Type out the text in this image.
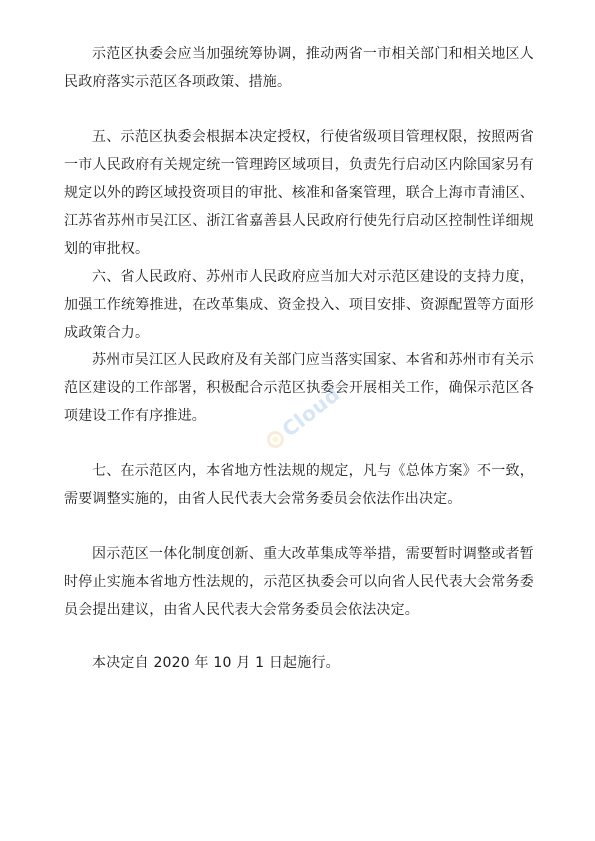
示范区执委会应当加强统筹协调，推动两省一市相关部门和相关地区人民政府落实示范区各项政策、措施。

五、示范区执委会根据本决定授权，行使省级项目管理权限，按照两省一市人民政府有关规定统一管理跨区域项目，负责先行启动区内除国家另有规定以外的跨区域投资项目的审批、核准和备案管理，联合上海市青浦区、江苏省苏州市吴江区、浙江省嘉善县人民政府行使先行启动区控制性详细规划的审批权。

六、省人民政府、苏州市人民政府应当加大对示范区建设的支持力度，加强工作统筹推进，在改革集成、资金投入、项目安排、资源配置等方面形成政策合力。

苏州市吴江区人民政府及有关部门应当落实国家、本省和苏州市有关示范区建设的工作部署，积极配合示范区执委会开展相关工作，确保示范区各项建设工作有序推进。

七、在示范区内，本省地方性法规的规定，凡与《总体方案》不一致，需要调整实施的，由省人民代表大会常务委员会依法作出决定。

因示范区一体化制度创新、重大改革集成等举措，需要暂时调整或者暂时停止实施本省地方性法规的，示范区执委会可以向省人民代表大会常务委员会提出建议，由省人民代表大会常务委员会依法决定。

本决定自 2020 年 10 月 1 日起施行。

Cloud
